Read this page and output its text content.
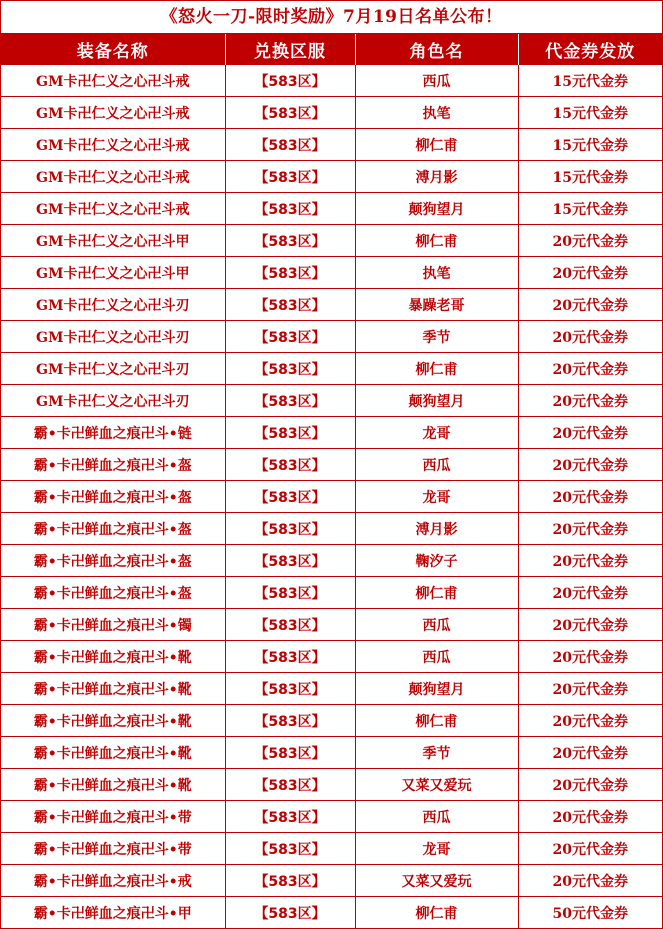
《怒火一刀-限时奖励》7月19日名单公布！
装备名称	兑换区服	角色名	代金券发放
GM卡卍仁义之心卍斗戒	【583区】	西瓜	15元代金券
GM卡卍仁义之心卍斗戒	【583区】	执笔	15元代金券
GM卡卍仁义之心卍斗戒	【583区】	柳仁甫	15元代金券
GM卡卍仁义之心卍斗戒	【583区】	溥月影	15元代金券
GM卡卍仁义之心卍斗戒	【583区】	颠狗望月	15元代金券
GM卡卍仁义之心卍斗甲	【583区】	柳仁甫	20元代金券
GM卡卍仁义之心卍斗甲	【583区】	执笔	20元代金券
GM卡卍仁义之心卍斗刃	【583区】	暴躁老哥	20元代金券
GM卡卍仁义之心卍斗刃	【583区】	季节	20元代金券
GM卡卍仁义之心卍斗刃	【583区】	柳仁甫	20元代金券
GM卡卍仁义之心卍斗刃	【583区】	颠狗望月	20元代金券
霸•卡卍鲜血之痕卍斗•链	【583区】	龙哥	20元代金券
霸•卡卍鲜血之痕卍斗•盔	【583区】	西瓜	20元代金券
霸•卡卍鲜血之痕卍斗•盔	【583区】	龙哥	20元代金券
霸•卡卍鲜血之痕卍斗•盔	【583区】	溥月影	20元代金券
霸•卡卍鲜血之痕卍斗•盔	【583区】	鞠汐子	20元代金券
霸•卡卍鲜血之痕卍斗•盔	【583区】	柳仁甫	20元代金券
霸•卡卍鲜血之痕卍斗•镯	【583区】	西瓜	20元代金券
霸•卡卍鲜血之痕卍斗•靴	【583区】	西瓜	20元代金券
霸•卡卍鲜血之痕卍斗•靴	【583区】	颠狗望月	20元代金券
霸•卡卍鲜血之痕卍斗•靴	【583区】	柳仁甫	20元代金券
霸•卡卍鲜血之痕卍斗•靴	【583区】	季节	20元代金券
霸•卡卍鲜血之痕卍斗•靴	【583区】	又菜又爱玩	20元代金券
霸•卡卍鲜血之痕卍斗•带	【583区】	西瓜	20元代金券
霸•卡卍鲜血之痕卍斗•带	【583区】	龙哥	20元代金券
霸•卡卍鲜血之痕卍斗•戒	【583区】	又菜又爱玩	20元代金券
霸•卡卍鲜血之痕卍斗•甲	【583区】	柳仁甫	50元代金券
